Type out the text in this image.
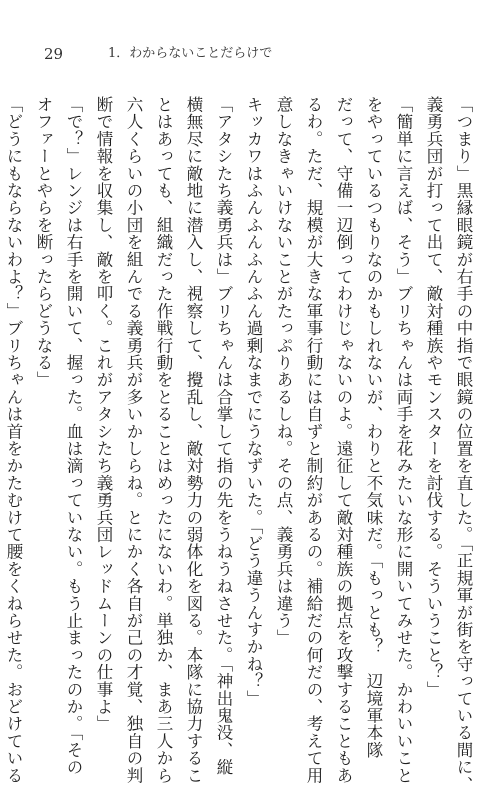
29	1．わからないことだらけで
「つまり」黒縁眼鏡が右手の中指で眼鏡の位置を直した。「正規軍が街を守っている間に、
義勇兵団が打って出て、敵対種族やモンスターを討伐する。そういうこと？」
「簡単に言えば、そう」ブリちゃんは両手を花みたいな形に開いてみせた。かわいいこと
をやっているつもりなのかもしれないが、わりと不気味だ。「もっとも？　辺境軍本隊
だって、守備一辺倒ってわけじゃないのよ。遠征して敵対種族の拠点を攻撃することもあ
るわ。ただ、規模が大きな軍事行動には自ずと制約があるの。補給だの何だの、考えて用
意しなきゃいけないことがたっぷりあるしね。その点、義勇兵は違う」
キッカワはふんふんふんふん過剰なまでにうなずいた。「どう違うんすかね？」
「アタシたち義勇兵は」ブリちゃんは合掌して指の先をうねうねさせた。「神出鬼没、縦
横無尽に敵地に潜入し、視察して、攪乱し、敵対勢力の弱体化を図る。本隊に協力するこ
とはあっても、組織だった作戦行動をとることはめったにないわ。単独か、まあ三人から
六人くらいの小団を組んでる義勇兵が多いかしらね。とにかく各自が己の才覚、独自の判
断で情報を収集し、敵を叩く。これがアタシたち義勇兵団レッドムーンの仕事よ」
「で？」レンジは右手を開いて、握った。血は滴っていない。もう止まったのか。「その
オファーとやらを断ったらどうなる」
「どうにもならないわよ？」ブリちゃんは首をかたむけて腰をくねらせた。おどけている
